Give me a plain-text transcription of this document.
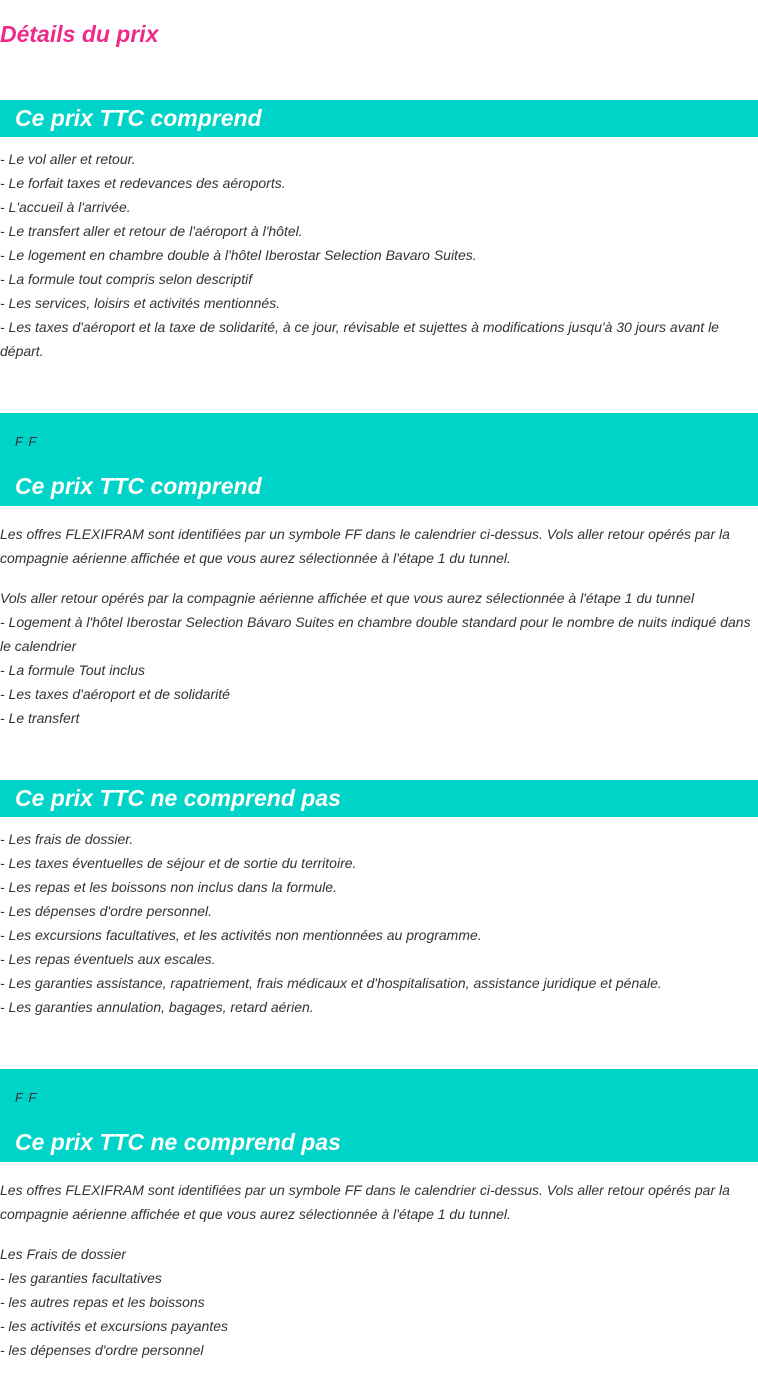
Détails du prix
Ce prix TTC comprend
- Le vol aller et retour.
- Le forfait taxes et redevances des aéroports.
- L'accueil à l'arrivée.
- Le transfert aller et retour de l'aéroport à l'hôtel.
- Le logement en chambre double à l'hôtel Iberostar Selection Bavaro Suites.
- La formule tout compris selon descriptif
- Les services, loisirs et activités mentionnés.
- Les taxes d'aéroport et la taxe de solidarité, à ce jour, révisable et sujettes à modifications jusqu'à 30 jours avant le départ.
F F
Ce prix TTC comprend

Les offres FLEXIFRAM sont identifiées par un symbole FF dans le calendrier ci-dessus. Vols aller retour opérés par la compagnie aérienne affichée et que vous aurez sélectionnée à l'étape 1 du tunnel.

Vols aller retour opérés par la compagnie aérienne affichée et que vous aurez sélectionnée à l'étape 1 du tunnel
- Logement à l'hôtel Iberostar Selection Bávaro Suites en chambre double standard pour le nombre de nuits indiqué dans le calendrier
- La formule Tout inclus
- Les taxes d'aéroport et de solidarité
- Le transfert
Ce prix TTC ne comprend pas
- Les frais de dossier.
- Les taxes éventuelles de séjour et de sortie du territoire.
- Les repas et les boissons non inclus dans la formule.
- Les dépenses d'ordre personnel.
- Les excursions facultatives, et les activités non mentionnées au programme.
- Les repas éventuels aux escales.
- Les garanties assistance, rapatriement, frais médicaux et d'hospitalisation, assistance juridique et pénale.
- Les garanties annulation, bagages, retard aérien.
F F
Ce prix TTC ne comprend pas

Les offres FLEXIFRAM sont identifiées par un symbole FF dans le calendrier ci-dessus. Vols aller retour opérés par la compagnie aérienne affichée et que vous aurez sélectionnée à l'étape 1 du tunnel.

Les Frais de dossier
- les garanties facultatives
- les autres repas et les boissons
- les activités et excursions payantes
- les dépenses d'ordre personnel
